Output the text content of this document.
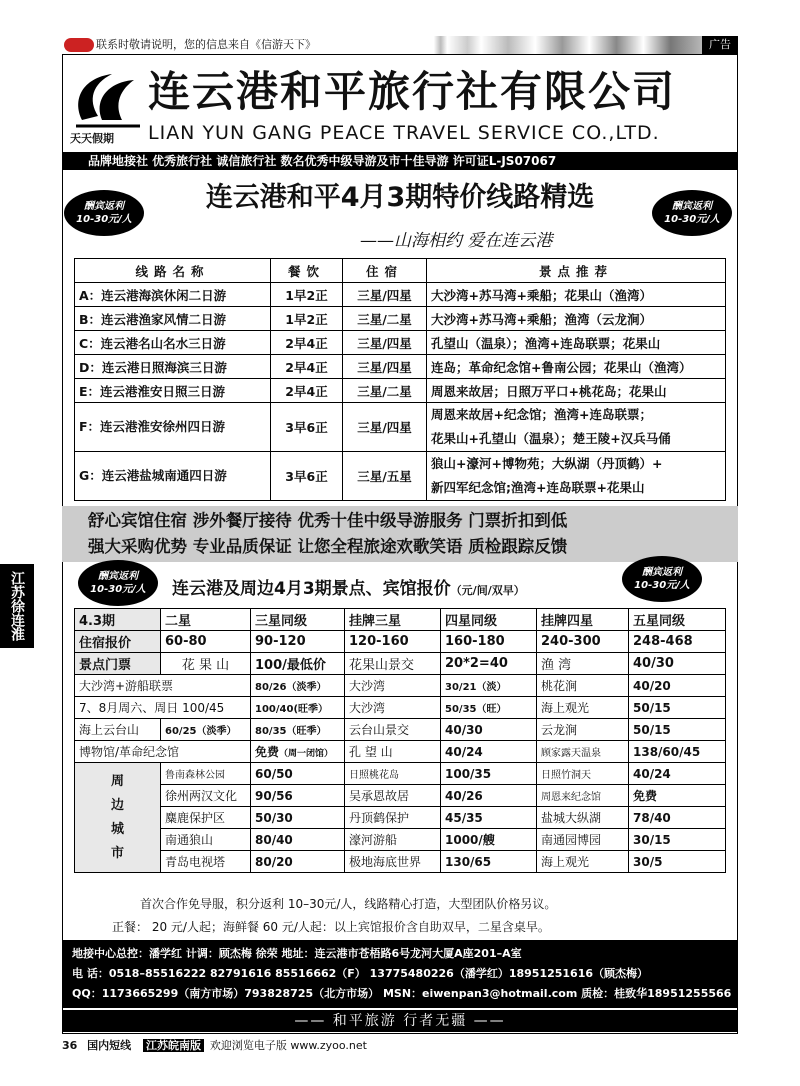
联系时敬请说明，您的信息来自《信游天下》	广告
天天假期
连云港和平旅行社有限公司
LIAN YUN GANG PEACE TRAVEL SERVICE CO.,LTD.
品牌地接社 优秀旅行社 诚信旅行社 数名优秀中级导游及市十佳导游 许可证L-JS07067
酬宾返利
10-30元/人
酬宾返利
10-30元/人
连云港和平4月3期特价线路精选
——山海相约 爱在连云港
线路名称	餐饮	住宿	景点推荐
A：连云港海滨休闲二日游	1早2正	三星/四星	大沙湾+苏马湾+乘船；花果山（渔湾）
B：连云港渔家风情二日游	1早2正	三星/二星	大沙湾+苏马湾+乘船；渔湾（云龙涧）
C：连云港名山名水三日游	2早4正	三星/四星	孔望山（温泉）；渔湾+连岛联票；花果山
D：连云港日照海滨三日游	2早4正	三星/四星	连岛；革命纪念馆+鲁南公园；花果山（渔湾）
E：连云港淮安日照三日游	2早4正	三星/二星	周恩来故居；日照万平口+桃花岛；花果山
F：连云港淮安徐州四日游	3早6正	三星/四星	周恩来故居+纪念馆；渔湾+连岛联票；
花果山+孔望山（温泉）；楚王陵+汉兵马俑

G：连云港盐城南通四日游	3早6正	三星/五星	狼山+濠河+博物苑；大纵湖（丹顶鹤）+
新四军纪念馆;渔湾+连岛联票+花果山
舒心宾馆住宿 涉外餐厅接待 优秀十佳中级导游服务 门票折扣到低
强大采购优势 专业品质保证 让您全程旅途欢歌笑语 质检跟踪反馈
江苏徐连淮	酬宾返利
10-30元/人
酬宾返利
10-30元/人
连云港及周边4月3期景点、宾馆报价（元/间/双早）
4.3期	二星	三星同级	挂牌三星	四星同级	挂牌四星	五星同级
住宿报价	60-80	90-120	120-160	160-180	240-300	248-468
景点门票	花 果 山	100/最低价	花果山景交	20*2=40	渔 湾	40/30
大沙湾+游船联票		80/26（淡季）	大沙湾	30/21（淡）	桃花涧	40/20
7、8月周六、周日 100/45		100/40(旺季）	大沙湾	50/35（旺）	海上观光	50/15
海上云台山	60/25（淡季）	80/35（旺季）	云台山景交	40/30	云龙涧	50/15
博物馆/革命纪念馆		免费（周一闭馆）	孔 望 山	40/24	顾家露天温泉	138/60/45

周边城市	鲁南森林公园	60/50	日照桃花岛	100/35	日照竹洞天	40/24
	徐州两汉文化	90/56	吴承恩故居	40/26	周恩来纪念馆	免费
	麋鹿保护区	50/30	丹顶鹤保护	45/35	盐城大纵湖	78/40
	南通狼山	80/40	濠河游船	1000/艘	南通园博园	30/15
	青岛电视塔	80/20	极地海底世界	130/65	海上观光	30/5
首次合作免导服，积分返利 10–30元/人，线路精心打造，大型团队价格另议。
正餐： 20 元/人起；海鲜餐 60 元/人起：以上宾馆报价含自助双早，二星含桌早。
地接中心总控：潘学红 计调：顾杰梅 徐荣 地址：连云港市苍梧路6号龙河大厦A座201–A室
电 话：0518–85516222 82791616 85516662（F） 13775480226（潘学红）18951251616（顾杰梅）
QQ：1173665299（南方市场）793828725（北方市场） MSN：eiwenpan3@hotmail.com 质检：桂致华18951255566
—— 和平旅游 行者无疆 ——
36 国内短线 江苏皖南版 欢迎浏览电子版 www.zyoo.net
